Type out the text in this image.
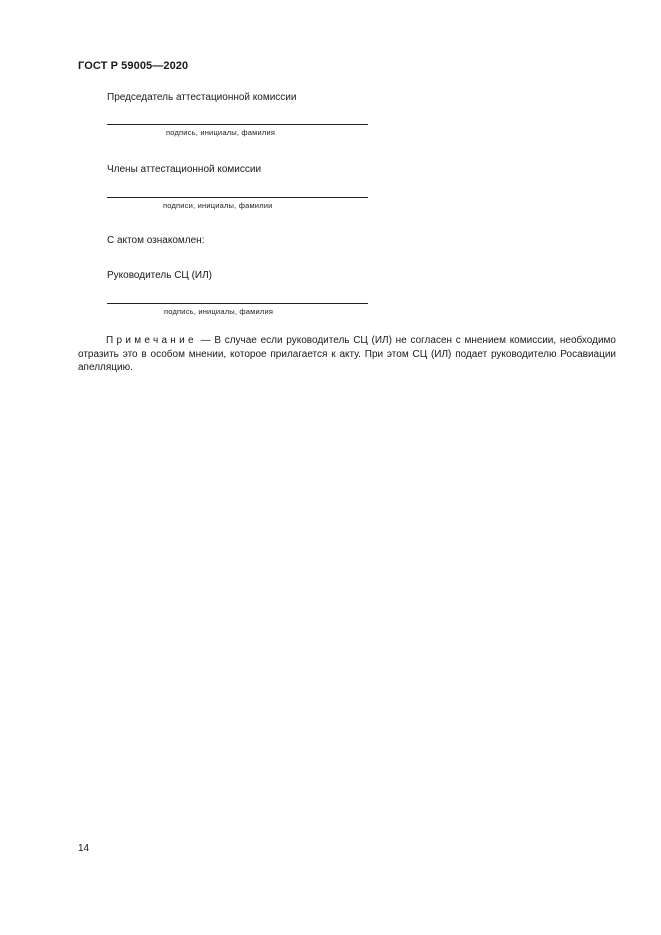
ГОСТ Р 59005—2020
Председатель аттестационной комиссии
подпись, инициалы, фамилия
Члены аттестационной комиссии
подписи, инициалы, фамилии
С актом ознакомлен:
Руководитель СЦ (ИЛ)
подпись, инициалы, фамилия
Примечание — В случае если руководитель СЦ (ИЛ) не согласен с мнением комиссии, необходимо отразить это в особом мнении, которое прилагается к акту. При этом СЦ (ИЛ) подает руководителю Росавиации апелляцию.
14
